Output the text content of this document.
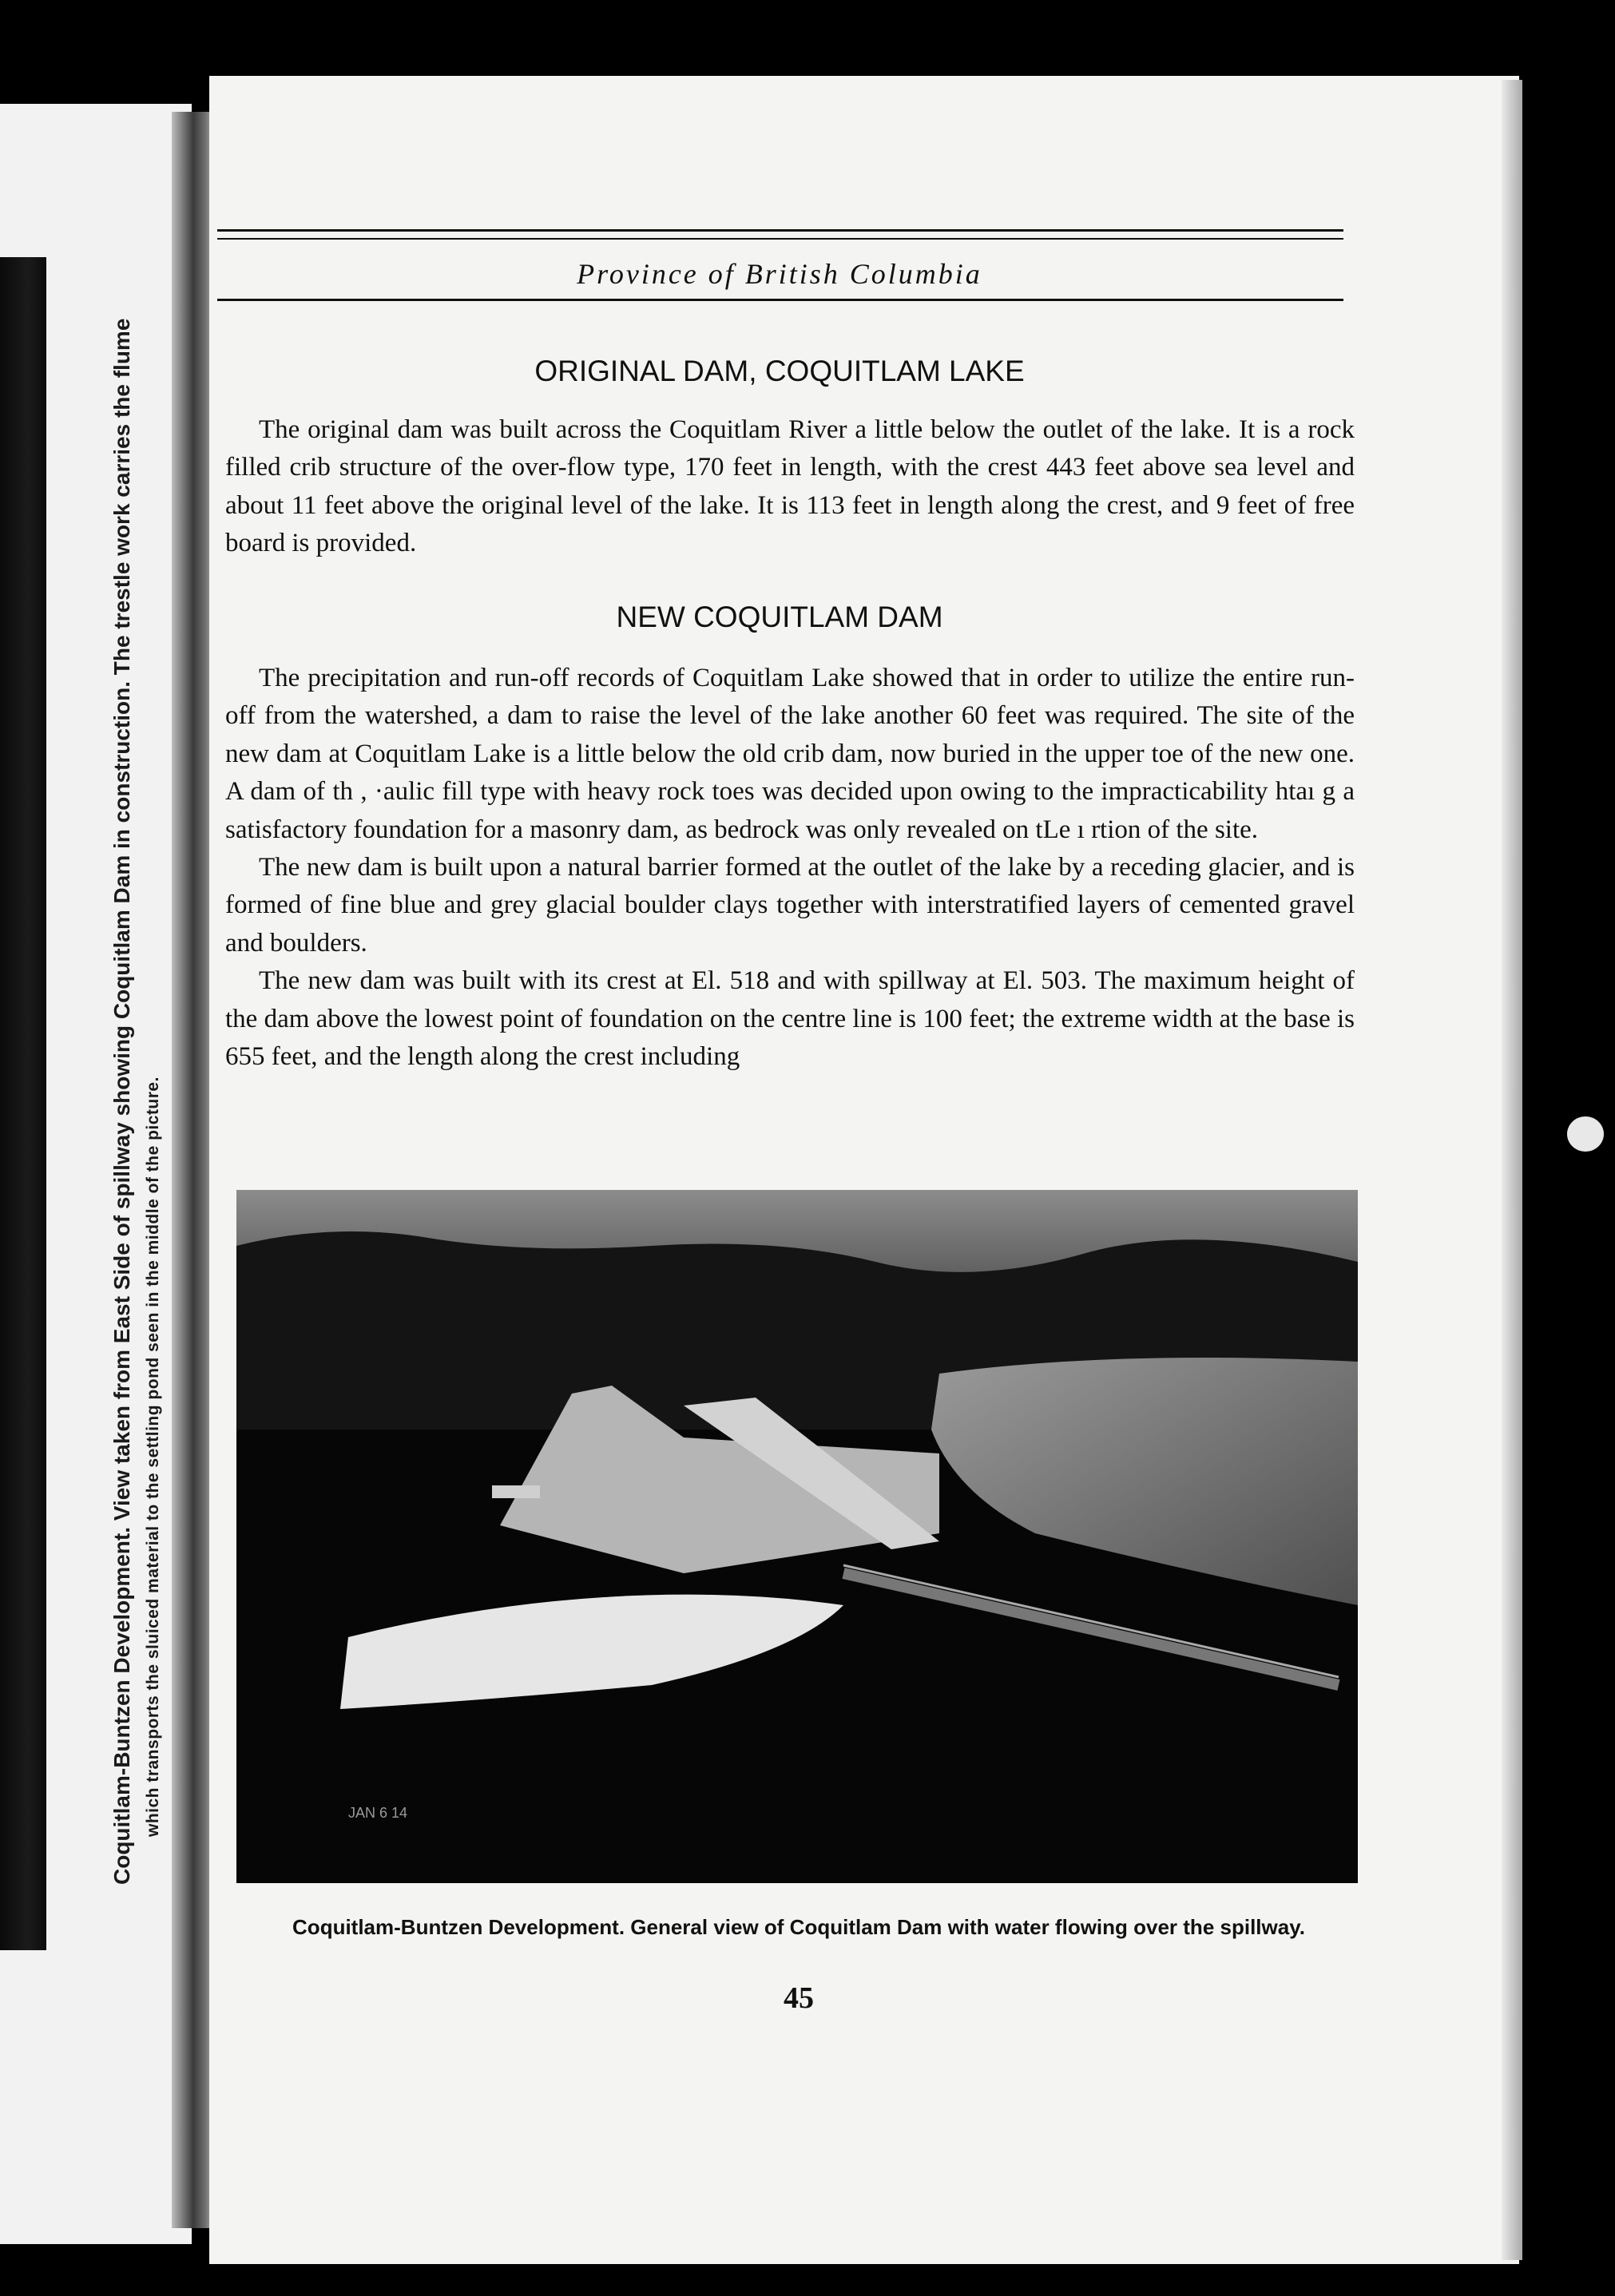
Coquitlam-Buntzen Development. View taken from East Side of spillway showing Coquitlam Dam in construction. The trestle work carries the flume which transports the sluiced material to the settling pond seen in the middle of the picture.
Province of British Columbia
ORIGINAL DAM, COQUITLAM LAKE

The original dam was built across the Coquitlam River a little below the outlet of the lake. It is a rock filled crib structure of the over-flow type, 170 feet in length, with the crest 443 feet above sea level and about 11 feet above the original level of the lake. It is 113 feet in length along the crest, and 9 feet of free board is provided.

NEW COQUITLAM DAM

The precipitation and run-off records of Coquitlam Lake showed that in order to utilize the entire run-off from the watershed, a dam to raise the level of the lake another 60 feet was required. The site of the new dam at Coquitlam Lake is a little below the old crib dam, now buried in the upper toe of the new one. A dam of th , ·aulic fill type with heavy rock toes was decided upon owing to the impracticability htaı g a satisfactory foundation for a masonry dam, as bedrock was only revealed on tLe ı rtion of the site.

The new dam is built upon a natural barrier formed at the outlet of the lake by a receding glacier, and is formed of fine blue and grey glacial boulder clays together with interstratified layers of cemented gravel and boulders.

The new dam was built with its crest at El. 518 and with spillway at El. 503. The maximum height of the dam above the lowest point of foundation on the centre line is 100 feet; the extreme width at the base is 655 feet, and the length along the crest including

JAN 6 14
Coquitlam-Buntzen Development. General view of Coquitlam Dam with water flowing over the spillway.
45
